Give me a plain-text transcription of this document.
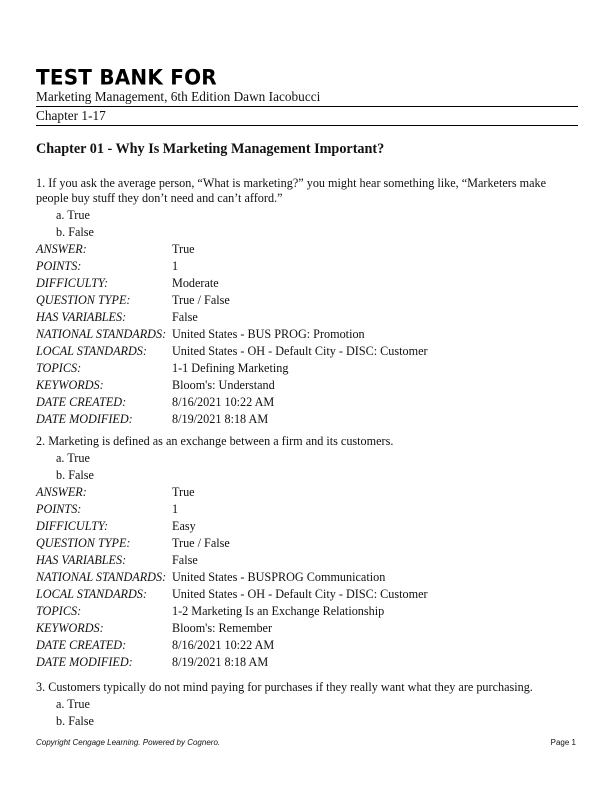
TEST BANK FOR
Marketing Management, 6th Edition Dawn Iacobucci
Chapter 1-17
Chapter 01 - Why Is Marketing Management Important?

1. If you ask the average person, “What is marketing?” you might hear something like, “Marketers make people buy stuff they don’t need and can’t afford.”

a. True
b. False
ANSWER:	True
POINTS:	1
DIFFICULTY:	Moderate
QUESTION TYPE:	True / False
HAS VARIABLES:	False
NATIONAL STANDARDS:	United States - BUS PROG: Promotion
LOCAL STANDARDS:	United States - OH - Default City - DISC: Customer
TOPICS:	1-1 Defining Marketing
KEYWORDS:	Bloom's: Understand
DATE CREATED:	8/16/2021 10:22 AM
DATE MODIFIED:	8/19/2021 8:18 AM

2. Marketing is defined as an exchange between a firm and its customers.

a. True
b. False
ANSWER:	True
POINTS:	1
DIFFICULTY:	Easy
QUESTION TYPE:	True / False
HAS VARIABLES:	False
NATIONAL STANDARDS:	United States - BUSPROG Communication
LOCAL STANDARDS:	United States - OH - Default City - DISC: Customer
TOPICS:	1-2 Marketing Is an Exchange Relationship
KEYWORDS:	Bloom's: Remember
DATE CREATED:	8/16/2021 10:22 AM
DATE MODIFIED:	8/19/2021 8:18 AM

3. Customers typically do not mind paying for purchases if they really want what they are purchasing.

a. True
b. False
Copyright Cengage Learning. Powered by Cognero.	Page 1
